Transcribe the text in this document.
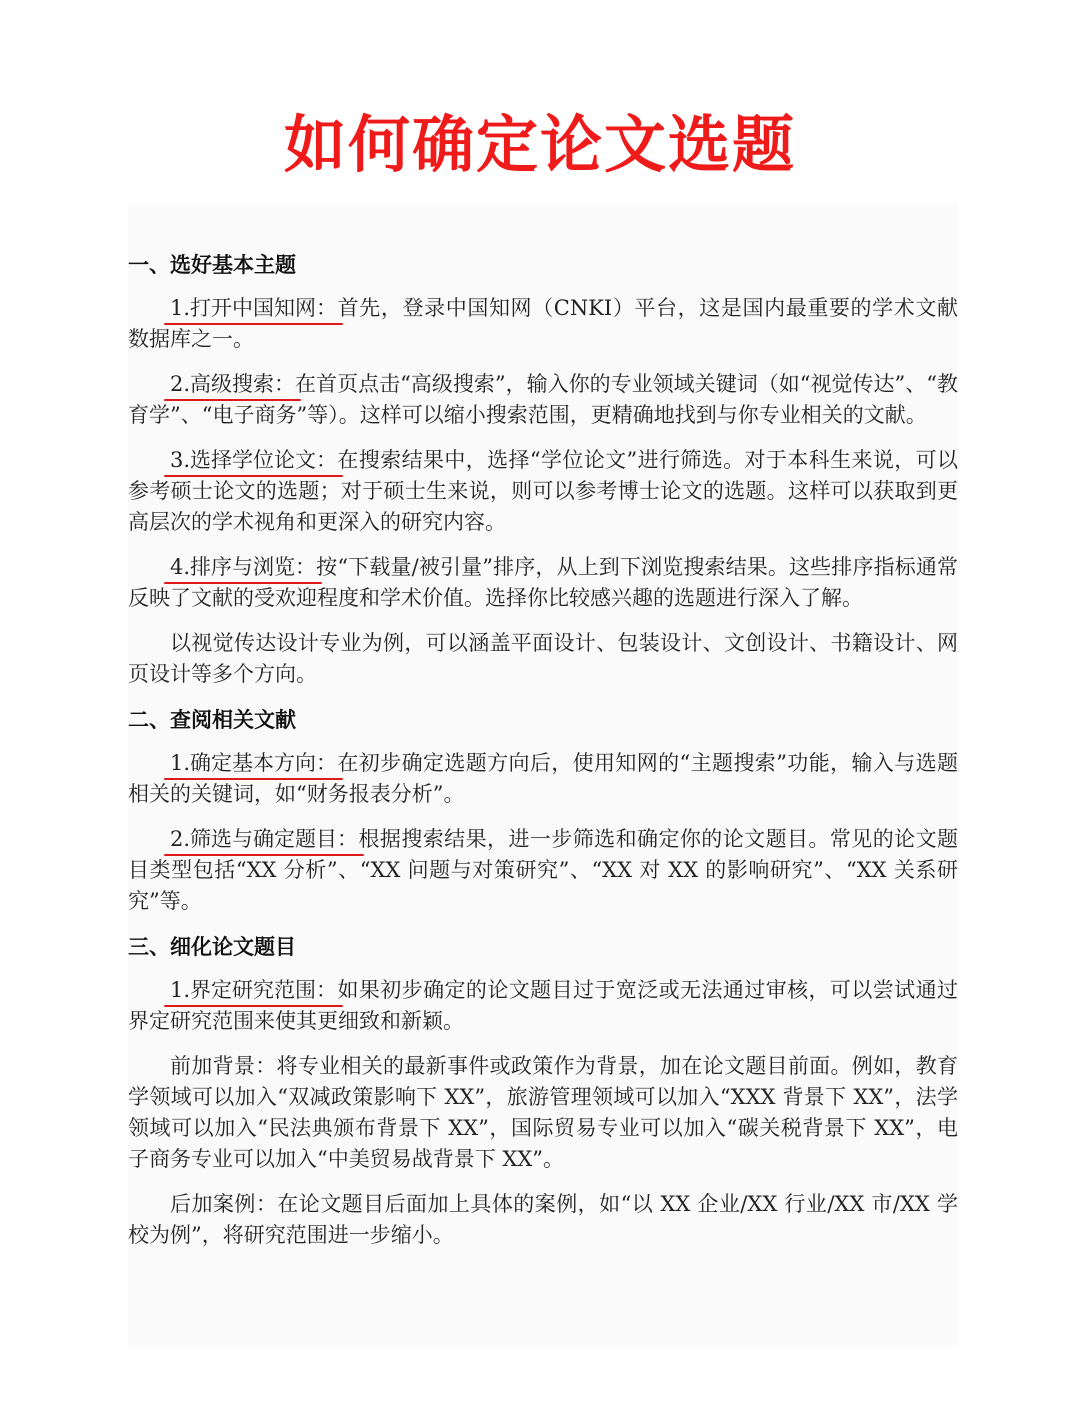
如何确定论文选题
一、选好基本主题

1.打开中国知网：首先，登录中国知网（CNKI）平台，这是国内最重要的学术文献数据库之一。

2.高级搜索：在首页点击“高级搜索”，输入你的专业领域关键词（如“视觉传达”、“教育学”、“电子商务”等）。这样可以缩小搜索范围，更精确地找到与你专业相关的文献。

3.选择学位论文：在搜索结果中，选择“学位论文”进行筛选。对于本科生来说，可以参考硕士论文的选题；对于硕士生来说，则可以参考博士论文的选题。这样可以获取到更高层次的学术视角和更深入的研究内容。

4.排序与浏览：按“下载量/被引量”排序，从上到下浏览搜索结果。这些排序指标通常反映了文献的受欢迎程度和学术价值。选择你比较感兴趣的选题进行深入了解。

以视觉传达设计专业为例，可以涵盖平面设计、包装设计、文创设计、书籍设计、网页设计等多个方向。

二、查阅相关文献

1.确定基本方向：在初步确定选题方向后，使用知网的“主题搜索”功能，输入与选题相关的关键词，如“财务报表分析”。

2.筛选与确定题目：根据搜索结果，进一步筛选和确定你的论文题目。常见的论文题目类型包括“XX 分析”、“XX 问题与对策研究”、“XX 对 XX 的影响研究”、“XX 关系研究”等。

三、细化论文题目

1.界定研究范围：如果初步确定的论文题目过于宽泛或无法通过审核，可以尝试通过界定研究范围来使其更细致和新颖。

前加背景：将专业相关的最新事件或政策作为背景，加在论文题目前面。例如，教育学领域可以加入“双减政策影响下 XX”，旅游管理领域可以加入“XXX 背景下 XX”，法学领域可以加入“民法典颁布背景下 XX”，国际贸易专业可以加入“碳关税背景下 XX”，电子商务专业可以加入“中美贸易战背景下 XX”。

后加案例：在论文题目后面加上具体的案例，如“以 XX 企业/XX 行业/XX 市/XX 学校为例”，将研究范围进一步缩小。
